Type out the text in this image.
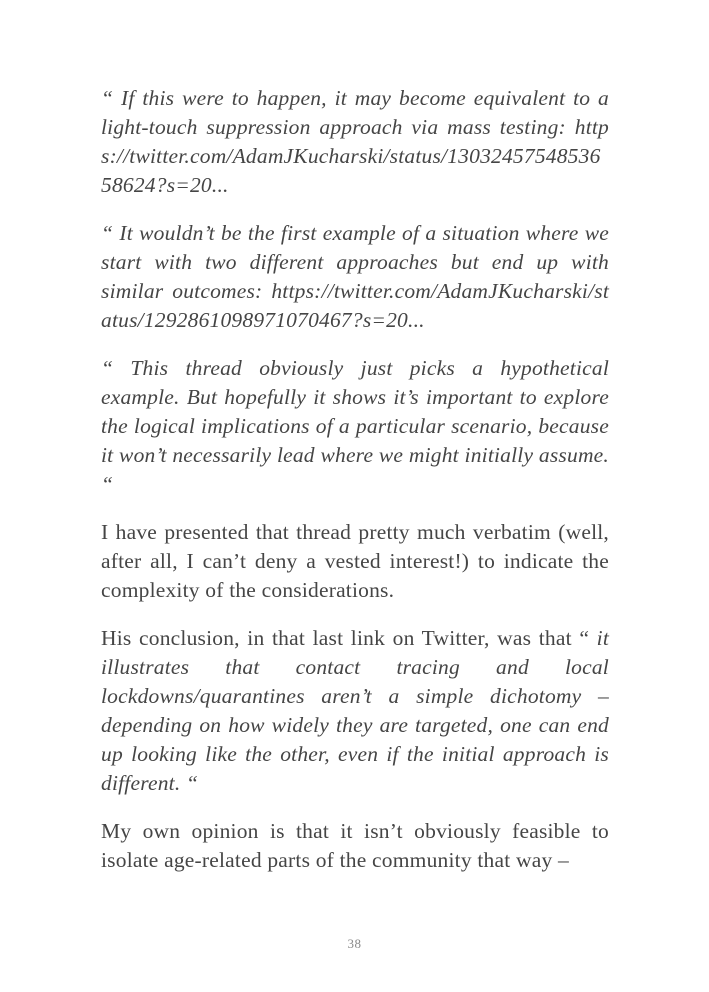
“ If this were to happen, it may become equivalent to a light-touch suppression approach via mass testing: https://twitter.com/AdamJKucharski/status/1303245754853658624?s=20...

“ It wouldn’t be the first example of a situation where we start with two different approaches but end up with similar outcomes: https://twitter.com/AdamJKucharski/status/1292861098971070467?s=20...

“ This thread obviously just picks a hypothetical example. But hopefully it shows it’s important to explore the logical implications of a particular scenario, because it won’t necessarily lead where we might initially assume. “

I have presented that thread pretty much verbatim (well, after all, I can’t deny a vested interest!) to indicate the complexity of the considerations.

His conclusion, in that last link on Twitter, was that “ it illustrates that contact tracing and local lockdowns/quarantines aren’t a simple dichotomy – depending on how widely they are targeted, one can end up looking like the other, even if the initial approach is different. “

My own opinion is that it isn’t obviously feasible to isolate age-related parts of the community that way –

38
